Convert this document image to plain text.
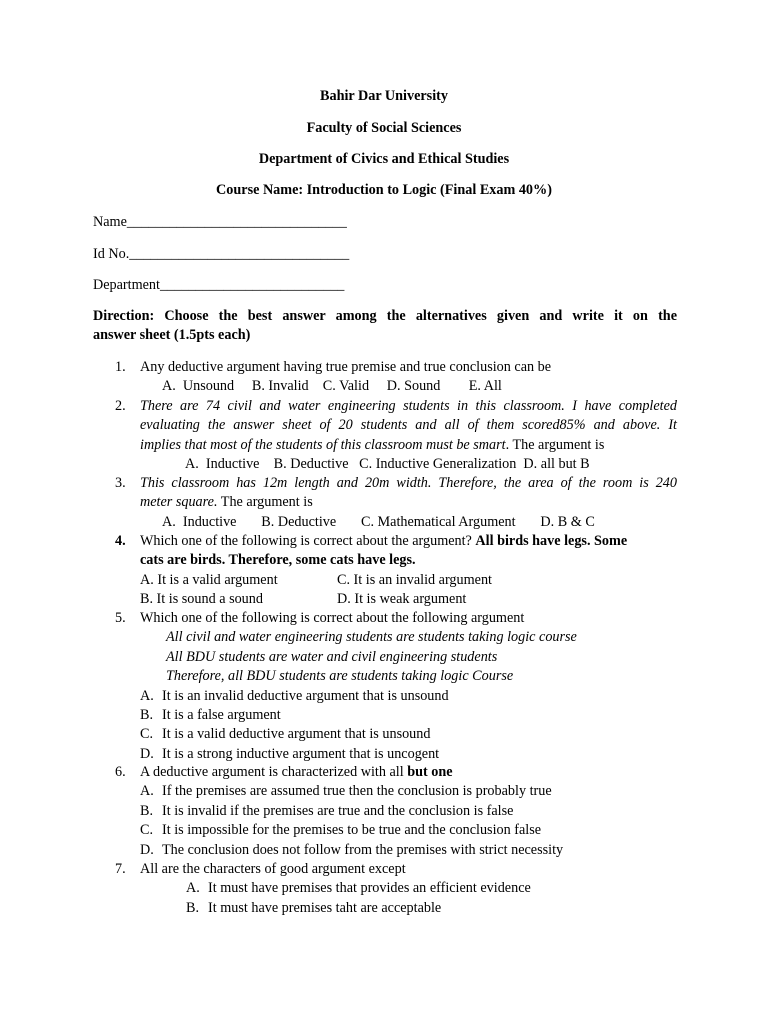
Bahir Dar University
Faculty of Social Sciences
Department of Civics and Ethical Studies
Course Name: Introduction to Logic (Final Exam 40%)
Name_______________________________
Id No._______________________________
Department__________________________
Direction: Choose the best answer among the alternatives given and write it on the
answer sheet (1.5pts each)
1. Any deductive argument having true premise and true conclusion can be
A.  Unsound     B. Invalid    C. Valid     D. Sound        E. All
2. There are 74 civil and water engineering students in this classroom. I have completed
evaluating the answer sheet of 20 students and all of them scored85% and above. It
implies that most of the students of this classroom must be smart. The argument is
A.  Inductive    B. Deductive   C. Inductive Generalization  D. all but B
3. This classroom has 12m length and 20m width. Therefore, the area of the room is 240
meter square. The argument is
A.  Inductive       B. Deductive       C. Mathematical Argument       D. B & C
4. Which one of the following is correct about the argument? All birds have legs. Some
cats are birds. Therefore, some cats have legs.
A. It is a valid argument	C. It is an invalid argument
B. It is sound a sound	D. It is weak argument
5. Which one of the following is correct about the following argument
All civil and water engineering students are students taking logic course
All BDU students are water and civil engineering students
Therefore, all BDU students are students taking logic Course
A. It is an invalid deductive argument that is unsound
B. It is a false argument
C. It is a valid deductive argument that is unsound
D. It is a strong inductive argument that is uncogent
6. A deductive argument is characterized with all but one
A. If the premises are assumed true then the conclusion is probably true
B. It is invalid if the premises are true and the conclusion is false
C. It is impossible for the premises to be true and the conclusion false
D. The conclusion does not follow from the premises with strict necessity
7. All are the characters of good argument except
A. It must have premises that provides an efficient evidence
B. It must have premises taht are acceptable
